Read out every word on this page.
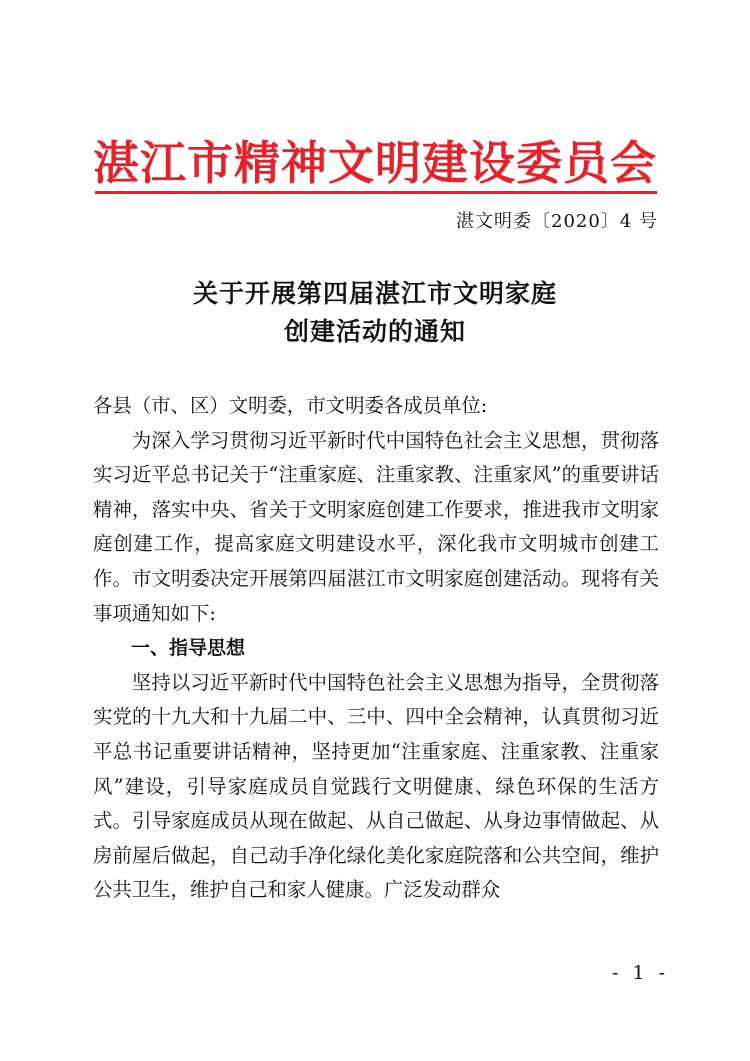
湛江市精神文明建设委员会
湛文明委〔2020〕4 号
关于开展第四届湛江市文明家庭
创建活动的通知

各县（市、区）文明委，市文明委各成员单位:

为深入学习贯彻习近平新时代中国特色社会主义思想，贯彻落实习近平总书记关于“注重家庭、注重家教、注重家风”的重要讲话精神，落实中央、省关于文明家庭创建工作要求，推进我市文明家庭创建工作，提高家庭文明建设水平，深化我市文明城市创建工作。市文明委决定开展第四届湛江市文明家庭创建活动。现将有关事项通知如下:

一、指导思想

坚持以习近平新时代中国特色社会主义思想为指导，全贯彻落实党的十九大和十九届二中、三中、四中全会精神，认真贯彻习近平总书记重要讲话精神，坚持更加“注重家庭、注重家教、注重家风”建设，引导家庭成员自觉践行文明健康、绿色环保的生活方式。引导家庭成员从现在做起、从自己做起、从身边事情做起、从房前屋后做起，自己动手净化绿化美化家庭院落和公共空间，维护公共卫生，维护自己和家人健康。广泛发动群众

- 1 -
